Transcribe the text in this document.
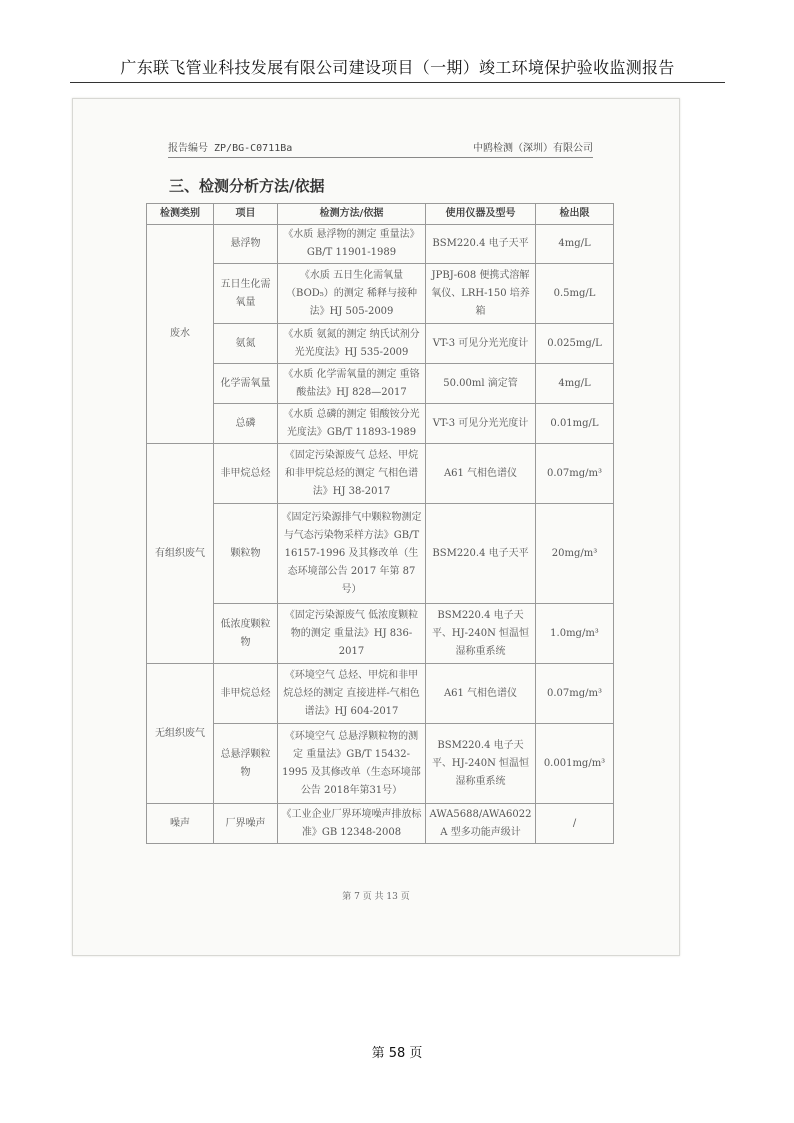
广东联飞管业科技发展有限公司建设项目（一期）竣工环境保护验收监测报告
报告编号 ZP/BG-C0711Ba	中鸥检测（深圳）有限公司
三、检测分析方法/依据
检测类别	项目	检测方法/依据	使用仪器及型号	检出限
废水	悬浮物	《水质 悬浮物的测定 重量法》GB/T 11901-1989	BSM220.4 电子天平	4mg/L
	五日生化需氧量	《水质 五日生化需氧量（BOD₅）的测定 稀释与接种法》HJ 505-2009	JPBJ-608 便携式溶解氧仪、LRH-150 培养箱	0.5mg/L
	氨氮	《水质 氨氮的测定 纳氏试剂分光光度法》HJ 535-2009	VT-3 可见分光光度计	0.025mg/L
	化学需氧量	《水质 化学需氧量的测定 重铬酸盐法》HJ 828—2017	50.00ml 滴定管	4mg/L
	总磷	《水质 总磷的测定 钼酸铵分光光度法》GB/T 11893-1989	VT-3 可见分光光度计	0.01mg/L
有组织废气	非甲烷总烃	《固定污染源废气 总烃、甲烷和非甲烷总烃的测定 气相色谱法》HJ 38-2017	A61 气相色谱仪	0.07mg/m³
	颗粒物	《固定污染源排气中颗粒物测定与气态污染物采样方法》GB/T 16157-1996 及其修改单（生态环境部公告 2017 年第 87 号）	BSM220.4 电子天平	20mg/m³
	低浓度颗粒物	《固定污染源废气 低浓度颗粒物的测定 重量法》HJ 836-2017	BSM220.4 电子天平、HJ-240N 恒温恒湿称重系统	1.0mg/m³
无组织废气	非甲烷总烃	《环境空气 总烃、甲烷和非甲烷总烃的测定 直接进样-气相色谱法》HJ 604-2017	A61 气相色谱仪	0.07mg/m³
	总悬浮颗粒物	《环境空气 总悬浮颗粒物的测定 重量法》GB/T 15432-1995 及其修改单（生态环境部公告 2018年第31号）	BSM220.4 电子天平、HJ-240N 恒温恒湿称重系统	0.001mg/m³
噪声	厂界噪声	《工业企业厂界环境噪声排放标准》GB 12348-2008	AWA5688/AWA6022 A 型多功能声级计	/
第 7 页 共 13 页
第 58 页
